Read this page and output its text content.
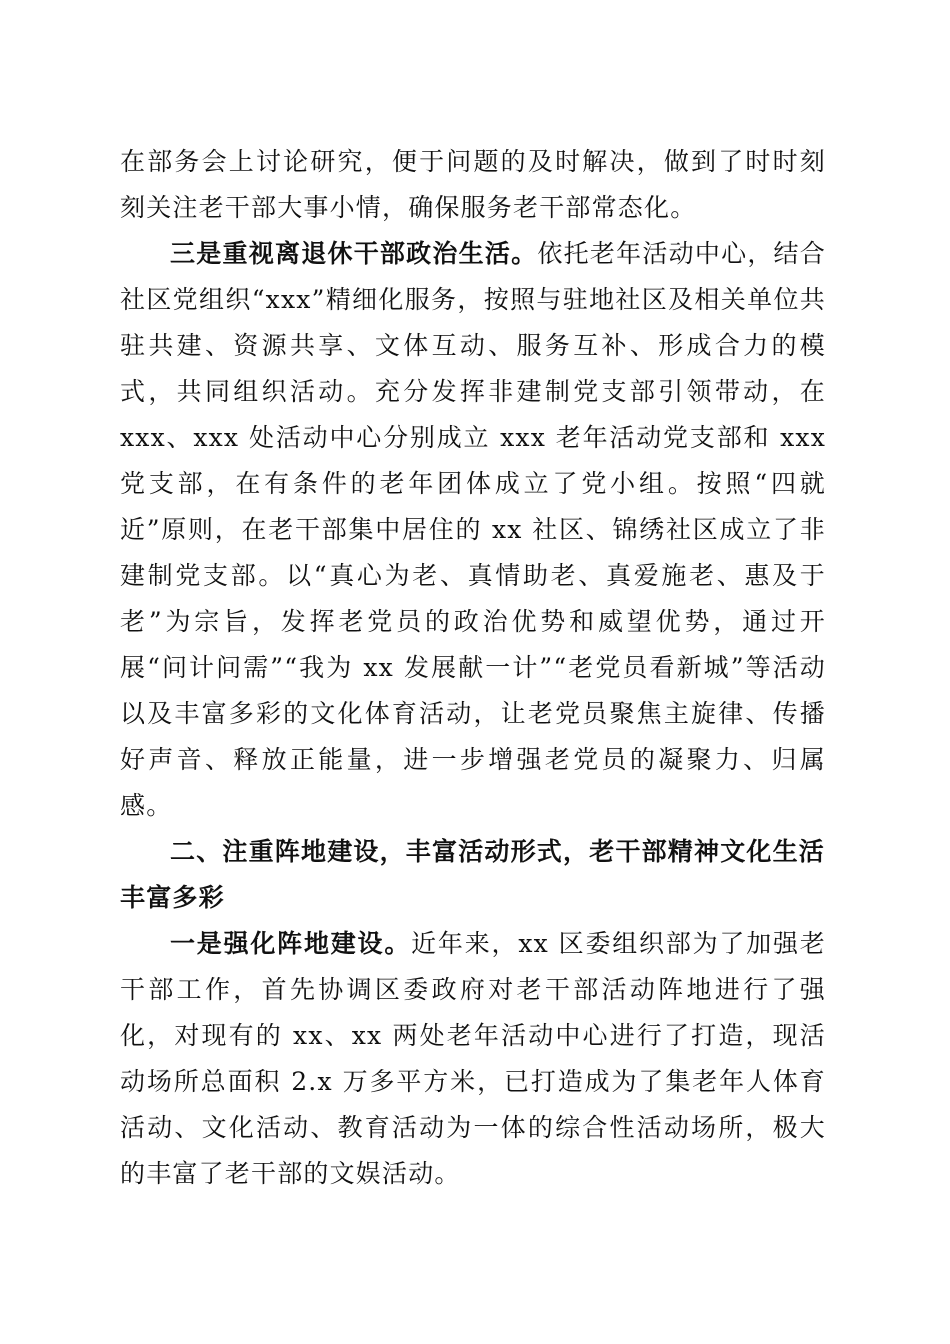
在部务会上讨论研究，便于问题的及时解决，做到了时时刻刻关注老干部大事小情，确保服务老干部常态化。

三是重视离退休干部政治生活。依托老年活动中心，结合社区党组织“xxx”精细化服务，按照与驻地社区及相关单位共驻共建、资源共享、文体互动、服务互补、形成合力的模式，共同组织活动。充分发挥非建制党支部引领带动，在 xxx、xxx 处活动中心分别成立 xxx 老年活动党支部和 xxx 党支部，在有条件的老年团体成立了党小组。按照“四就近”原则，在老干部集中居住的 xx 社区、锦绣社区成立了非建制党支部。以“真心为老、真情助老、真爱施老、惠及于老”为宗旨，发挥老党员的政治优势和威望优势，通过开展“问计问需”“我为 xx 发展献一计”“老党员看新城”等活动以及丰富多彩的文化体育活动，让老党员聚焦主旋律、传播好声音、释放正能量，进一步增强老党员的凝聚力、归属感。

二、注重阵地建设，丰富活动形式，老干部精神文化生活丰富多彩

一是强化阵地建设。近年来，xx 区委组织部为了加强老干部工作，首先协调区委政府对老干部活动阵地进行了强化，对现有的 xx、xx 两处老年活动中心进行了打造，现活动场所总面积 2.x 万多平方米，已打造成为了集老年人体育活动、文化活动、教育活动为一体的综合性活动场所，极大的丰富了老干部的文娱活动。
